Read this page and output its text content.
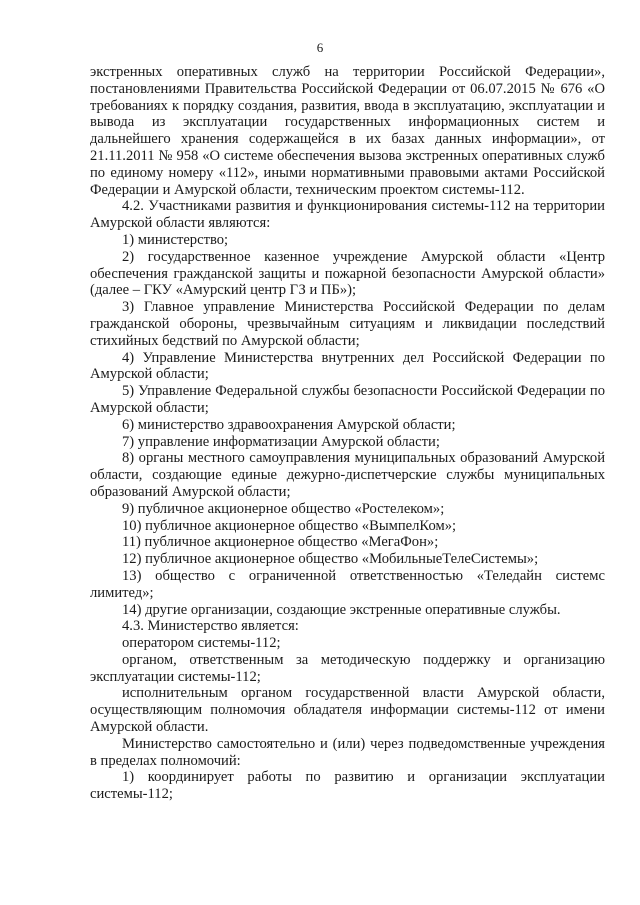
6

экстренных оперативных служб на территории Российской Федерации», постановлениями Правительства Российской Федерации от 06.07.2015 № 676 «О требованиях к порядку создания, развития, ввода в эксплуатацию, эксплуатации и вывода из эксплуатации государственных информационных систем и дальнейшего хранения содержащейся в их базах данных информации», от 21.11.2011 № 958 «О системе обеспечения вызова экстренных оперативных служб по единому номеру «112», иными нормативными правовыми актами Российской Федерации и Амурской области, техническим проектом системы-112.

4.2. Участниками развития и функционирования системы-112 на территории Амурской области являются:

1) министерство;

2) государственное казенное учреждение Амурской области «Центр обеспечения гражданской защиты и пожарной безопасности Амурской области» (далее – ГКУ «Амурский центр ГЗ и ПБ»);

3) Главное управление Министерства Российской Федерации по делам гражданской обороны, чрезвычайным ситуациям и ликвидации последствий стихийных бедствий по Амурской области;

4) Управление Министерства внутренних дел Российской Федерации по Амурской области;

5) Управление Федеральной службы безопасности Российской Федерации по Амурской области;

6) министерство здравоохранения Амурской области;

7) управление информатизации Амурской области;

8) органы местного самоуправления муниципальных образований Амурской области, создающие единые дежурно-диспетчерские службы муниципальных образований Амурской области;

9) публичное акционерное общество «Ростелеком»;

10) публичное акционерное общество «ВымпелКом»;

11) публичное акционерное общество «МегаФон»;

12) публичное акционерное общество «МобильныеТелеСистемы»;

13) общество с ограниченной ответственностью «Теледайн системс лимитед»;

14) другие организации, создающие экстренные оперативные службы.

4.3. Министерство является:

оператором системы-112;

органом, ответственным за методическую поддержку и организацию эксплуатации системы-112;

исполнительным органом государственной власти Амурской области, осуществляющим полномочия обладателя информации системы-112 от имени Амурской области.

Министерство самостоятельно и (или) через подведомственные учреждения в пределах полномочий:

1) координирует работы по развитию и организации эксплуатации системы-112;
